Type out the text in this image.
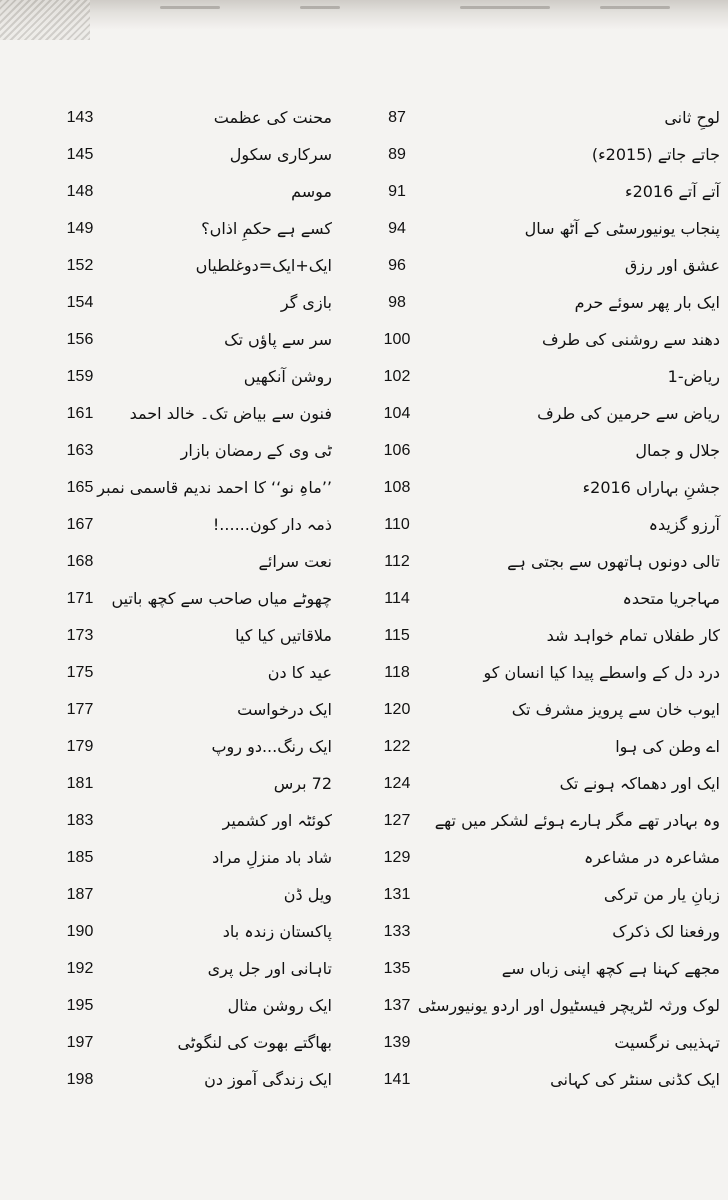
لوحِ ثانی
87
محنت کی عظمت
143
جاتے جاتے (2015ء)
89
سرکاری سکول
145
آتے آتے 2016ء
91
موسم
148
پنجاب یونیورسٹی کے آٹھ سال
94
کسے ہے حکمِ اذاں؟
149
عشق اور رزق
96
ایک+ایک=دوغلطیاں
152
ایک بار پھر سوئے حرم
98
بازی گر
154
دھند سے روشنی کی طرف
100
سر سے پاؤں تک
156
ریاض-1
102
روشن آنکھیں
159
ریاض سے حرمین کی طرف
104
فنون سے بیاض تک۔ خالد احمد
161
جلال و جمال
106
ٹی وی کے رمضان بازار
163
جشنِ بہاراں 2016ء
108
’’ماہِ نو‘‘ کا احمد ندیم قاسمی نمبر
165
آرزو گزیدہ
110
ذمہ دار کون......!
167
تالی دونوں ہاتھوں سے بجتی ہے
112
نعت سرائے
168
مہاجریا متحدہ
114
چھوٹے میاں صاحب سے کچھ باتیں
171
کار طفلاں تمام خواہد شد
115
ملاقاتیں کیا کیا
173
درد دل کے واسطے پیدا کیا انسان کو
118
عید کا دن
175
ایوب خان سے پرویز مشرف تک
120
ایک درخواست
177
اے وطن کی ہوا
122
ایک رنگ...دو روپ
179
ایک اور دھماکہ ہونے تک
124
72 برس
181
وہ بہادر تھے مگر ہارے ہوئے لشکر میں تھے
127
کوئٹہ اور کشمیر
183
مشاعرہ در مشاعرہ
129
شاد باد منزلِ مراد
185
زبانِ یار من ترکی
131
ویل ڈن
187
ورفعنا لک ذکرک
133
پاکستان زندہ باد
190
مجھے کہنا ہے کچھ اپنی زباں سے
135
تاہانی اور جل پری
192
لوک ورثہ لٹریچر فیسٹیول اور اردو یونیورسٹی
137
ایک روشن مثال
195
تہذیبی نرگسیت
139
بھاگتے بھوت کی لنگوٹی
197
ایک کڈنی سنٹر کی کہانی
141
ایک زندگی آموز دن
198
